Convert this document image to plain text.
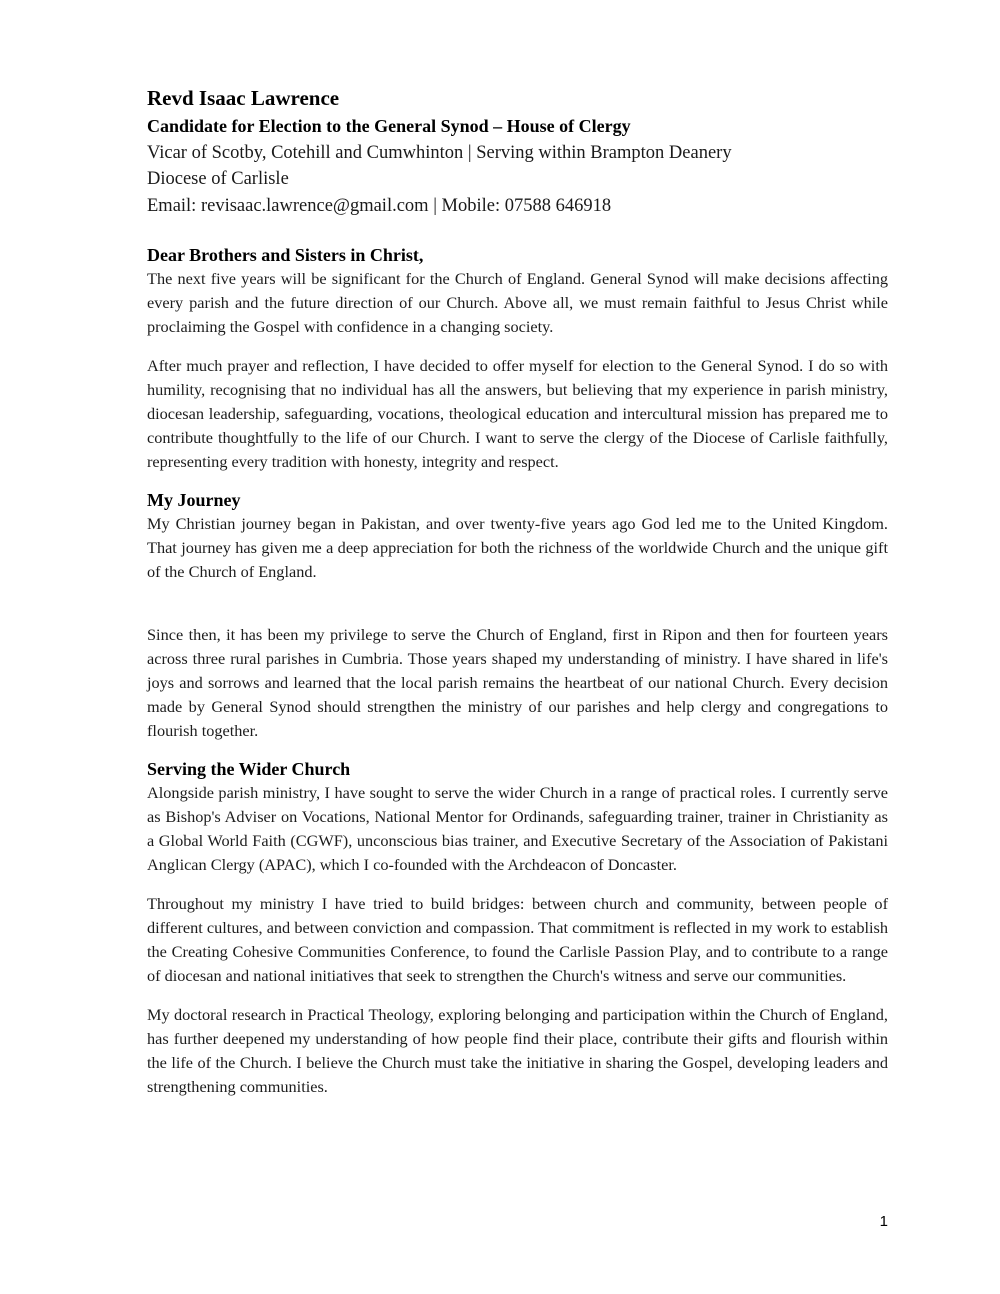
Revd Isaac Lawrence
Candidate for Election to the General Synod – House of Clergy

Vicar of Scotby, Cotehill and Cumwhinton | Serving within Brampton Deanery

Diocese of Carlisle

Email: revisaac.lawrence@gmail.com | Mobile: 07588 646918

Dear Brothers and Sisters in Christ,

The next five years will be significant for the Church of England. General Synod will make decisions affecting every parish and the future direction of our Church. Above all, we must remain faithful to Jesus Christ while proclaiming the Gospel with confidence in a changing society.

After much prayer and reflection, I have decided to offer myself for election to the General Synod. I do so with humility, recognising that no individual has all the answers, but believing that my experience in parish ministry, diocesan leadership, safeguarding, vocations, theological education and intercultural mission has prepared me to contribute thoughtfully to the life of our Church. I want to serve the clergy of the Diocese of Carlisle faithfully, representing every tradition with honesty, integrity and respect.

My Journey

My Christian journey began in Pakistan, and over twenty-five years ago God led me to the United Kingdom. That journey has given me a deep appreciation for both the richness of the worldwide Church and the unique gift of the Church of England.

Since then, it has been my privilege to serve the Church of England, first in Ripon and then for fourteen years across three rural parishes in Cumbria. Those years shaped my understanding of ministry. I have shared in life's joys and sorrows and learned that the local parish remains the heartbeat of our national Church. Every decision made by General Synod should strengthen the ministry of our parishes and help clergy and congregations to flourish together.

Serving the Wider Church

Alongside parish ministry, I have sought to serve the wider Church in a range of practical roles. I currently serve as Bishop's Adviser on Vocations, National Mentor for Ordinands, safeguarding trainer, trainer in Christianity as a Global World Faith (CGWF), unconscious bias trainer, and Executive Secretary of the Association of Pakistani Anglican Clergy (APAC), which I co-founded with the Archdeacon of Doncaster.

Throughout my ministry I have tried to build bridges: between church and community, between people of different cultures, and between conviction and compassion. That commitment is reflected in my work to establish the Creating Cohesive Communities Conference, to found the Carlisle Passion Play, and to contribute to a range of diocesan and national initiatives that seek to strengthen the Church's witness and serve our communities.

My doctoral research in Practical Theology, exploring belonging and participation within the Church of England, has further deepened my understanding of how people find their place, contribute their gifts and flourish within the life of the Church. I believe the Church must take the initiative in sharing the Gospel, developing leaders and strengthening communities.

1
